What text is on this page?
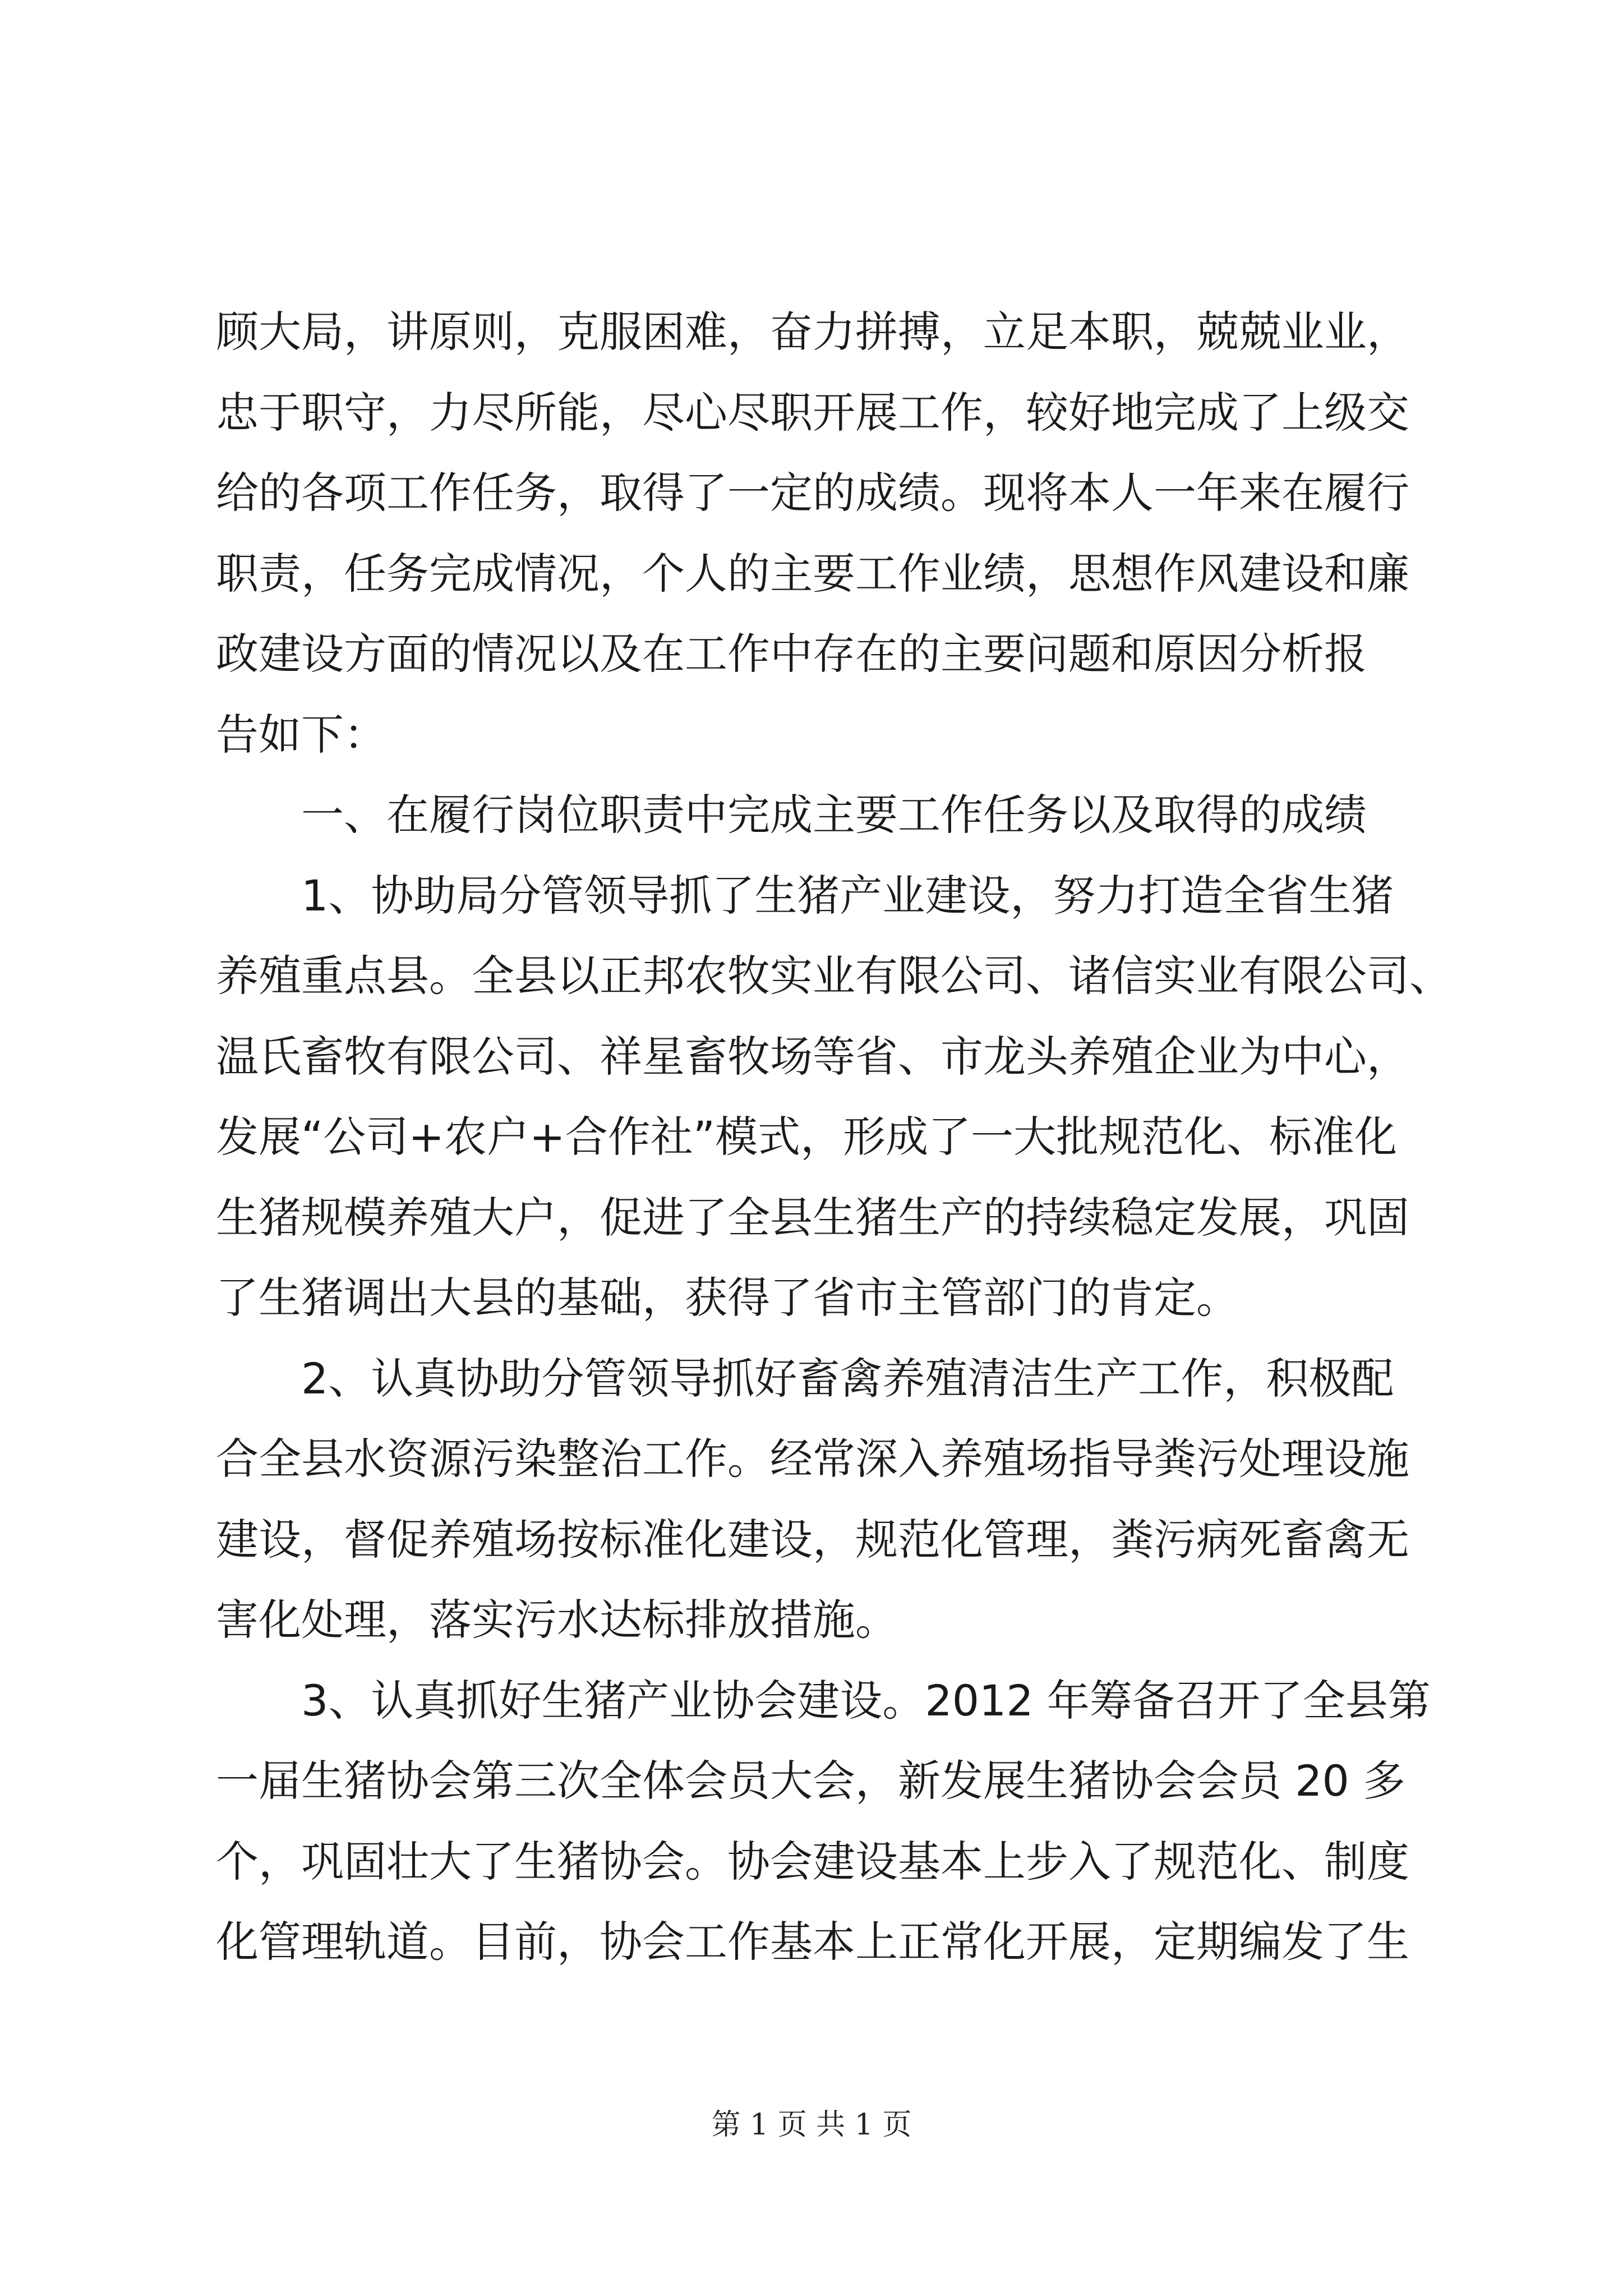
顾大局，讲原则，克服困难，奋力拼搏，立足本职，兢兢业业，
忠于职守，力尽所能，尽心尽职开展工作，较好地完成了上级交
给的各项工作任务，取得了一定的成绩。现将本人一年来在履行
职责，任务完成情况，个人的主要工作业绩，思想作风建设和廉
政建设方面的情况以及在工作中存在的主要问题和原因分析报
告如下：
　　一、在履行岗位职责中完成主要工作任务以及取得的成绩
　　1、协助局分管领导抓了生猪产业建设，努力打造全省生猪
养殖重点县。全县以正邦农牧实业有限公司、诸信实业有限公司、
温氏畜牧有限公司、祥星畜牧场等省、市龙头养殖企业为中心，
发展“公司+农户+合作社”模式，形成了一大批规范化、标准化
生猪规模养殖大户，促进了全县生猪生产的持续稳定发展，巩固
了生猪调出大县的基础，获得了省市主管部门的肯定。
　　2、认真协助分管领导抓好畜禽养殖清洁生产工作，积极配
合全县水资源污染整治工作。经常深入养殖场指导粪污处理设施
建设，督促养殖场按标准化建设，规范化管理，粪污病死畜禽无
害化处理，落实污水达标排放措施。
　　3、认真抓好生猪产业协会建设。2012 年筹备召开了全县第
一届生猪协会第三次全体会员大会，新发展生猪协会会员 20 多
个，巩固壮大了生猪协会。协会建设基本上步入了规范化、制度
化管理轨道。目前，协会工作基本上正常化开展，定期编发了生
第 1 页 共 1 页
